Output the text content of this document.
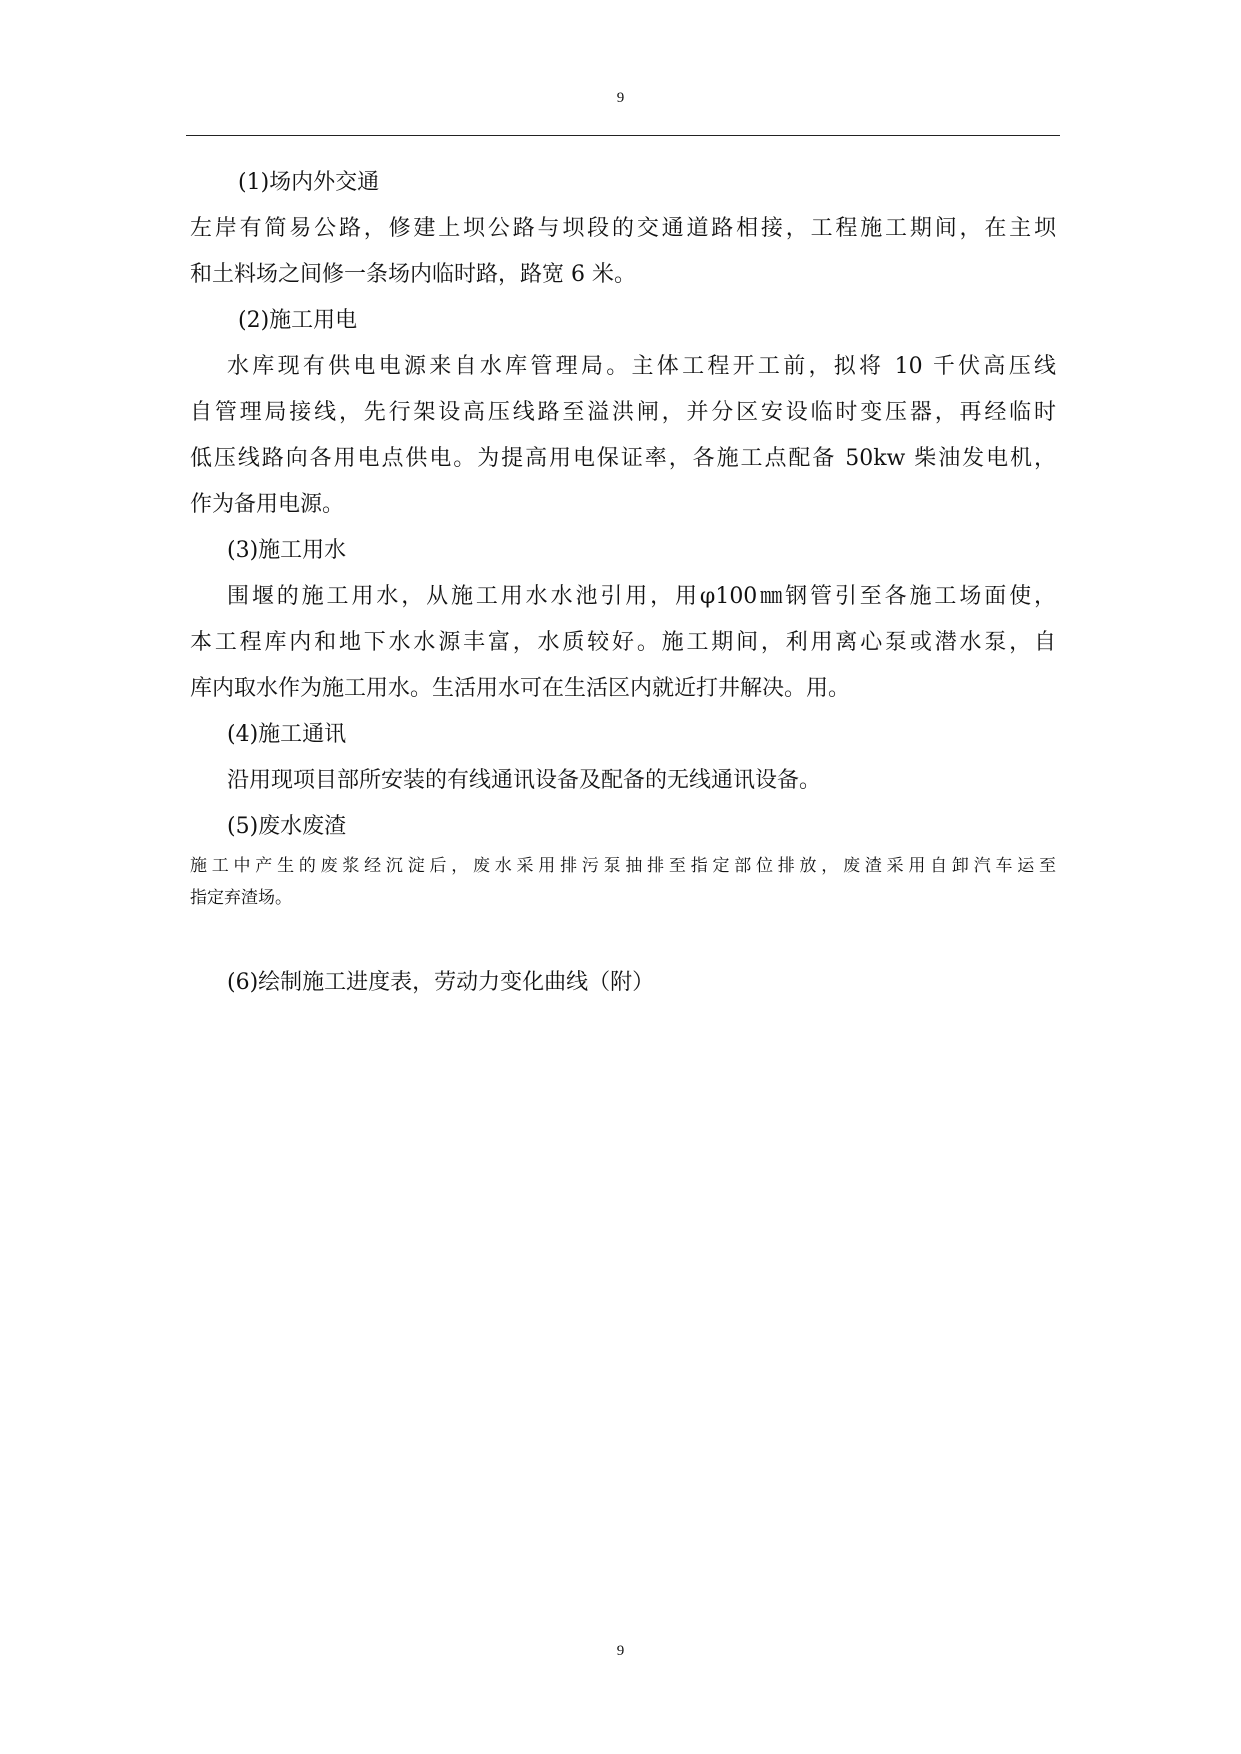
9

(1)场内外交通

左岸有简易公路，修建上坝公路与坝段的交通道路相接，工程施工期间，在主坝

和土料场之间修一条场内临时路，路宽 6 米。

(2)施工用电

水库现有供电电源来自水库管理局。主体工程开工前，拟将 10 千伏高压线

自管理局接线，先行架设高压线路至溢洪闸，并分区安设临时变压器，再经临时

低压线路向各用电点供电。为提高用电保证率，各施工点配备 50kw 柴油发电机，

作为备用电源。

(3)施工用水

围堰的施工用水，从施工用水水池引用，用φ100㎜钢管引至各施工场面使，

本工程库内和地下水水源丰富，水质较好。施工期间，利用离心泵或潜水泵，自

库内取水作为施工用水。生活用水可在生活区内就近打井解决。用。

(4)施工通讯

沿用现项目部所安装的有线通讯设备及配备的无线通讯设备。

(5)废水废渣

施工中产生的废浆经沉淀后，废水采用排污泵抽排至指定部位排放，废渣采用自卸汽车运至

指定弃渣场。

(6)绘制施工进度表，劳动力变化曲线（附）

9
